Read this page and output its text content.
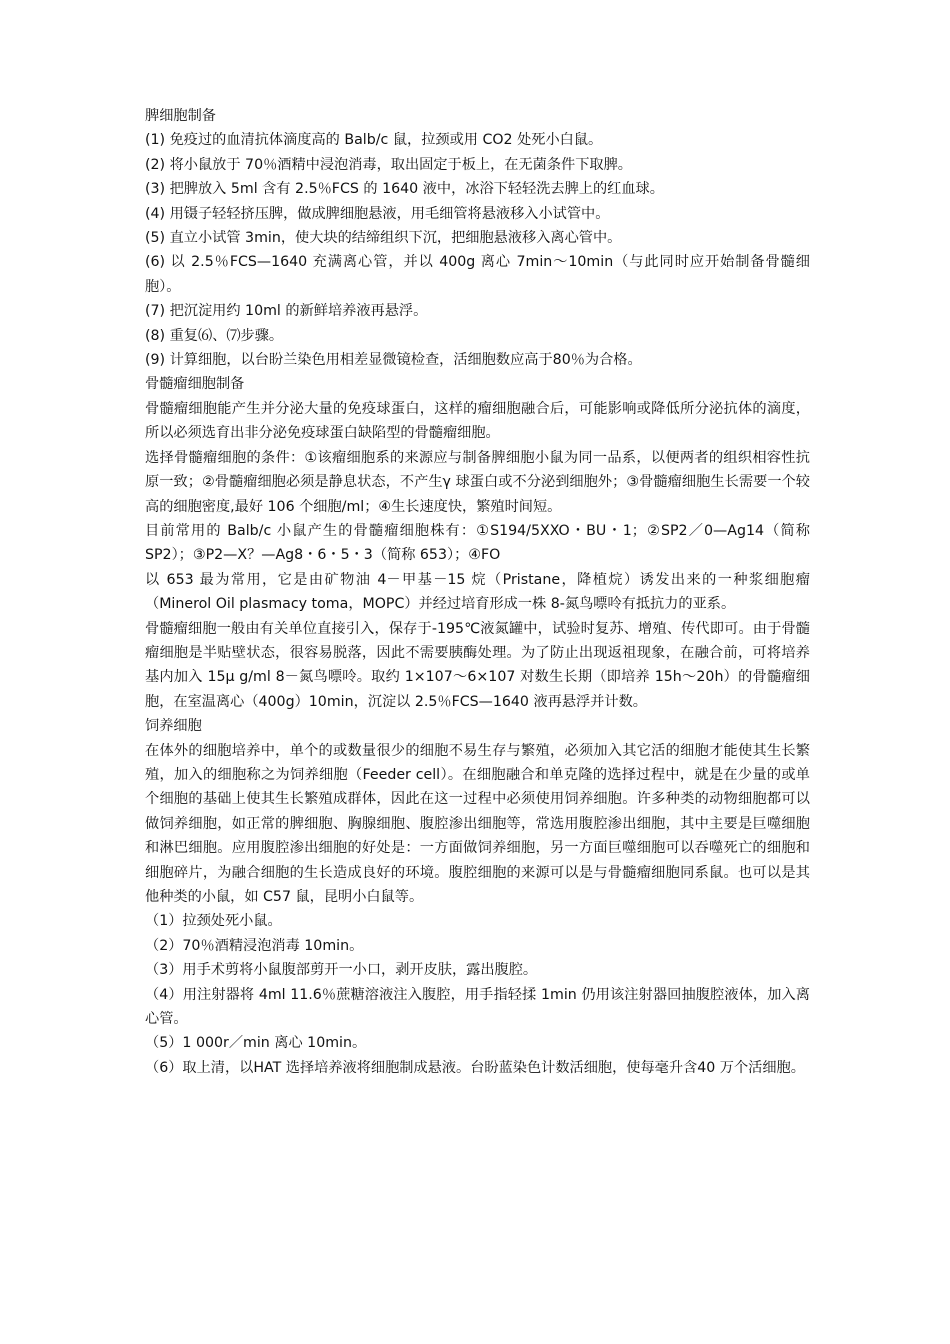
脾细胞制备

(1) 免疫过的血清抗体滴度高的 Balb/c 鼠，拉颈或用 CO2 处死小白鼠。

(2) 将小鼠放于 70％酒精中浸泡消毒，取出固定于板上，在无菌条件下取脾。

(3) 把脾放入 5ml 含有 2.5％FCS 的 1640 液中，冰浴下轻轻洗去脾上的红血球。

(4) 用镊子轻轻挤压脾，做成脾细胞悬液，用毛细管将悬液移入小试管中。

(5) 直立小试管 3min，使大块的结缔组织下沉，把细胞悬液移入离心管中。

(6) 以 2.5％FCS—1640 充满离心管，并以 400g 离心 7min～10min（与此同时应开始制备骨髓细胞）。

(7) 把沉淀用约 10ml 的新鲜培养液再悬浮。

(8) 重复⑹、⑺步骤。

(9) 计算细胞，以台盼兰染色用相差显微镜检查，活细胞数应高于80％为合格。

骨髓瘤细胞制备

骨髓瘤细胞能产生并分泌大量的免疫球蛋白，这样的瘤细胞融合后，可能影响或降低所分泌抗体的滴度，所以必须选育出非分泌免疫球蛋白缺陷型的骨髓瘤细胞。

选择骨髓瘤细胞的条件：①该瘤细胞系的来源应与制备脾细胞小鼠为同一品系，以便两者的组织相容性抗原一致；②骨髓瘤细胞必须是静息状态，不产生γ 球蛋白或不分泌到细胞外；③骨髓瘤细胞生长需要一个较高的细胞密度,最好 106 个细胞/ml；④生长速度快，繁殖时间短。

目前常用的 Balb/c 小鼠产生的骨髓瘤细胞株有：①S194/5XXO・BU・1；②SP2／0—Ag14（简称 SP2）；③P2—X？—Ag8・6・5・3（简称 653）；④FO

以 653 最为常用，它是由矿物油 4－甲基－15 烷（Pristane，降植烷）诱发出来的一种浆细胞瘤（Minerol Oil plasmacy toma，MOPC）并经过培育形成一株 8-氮鸟嘌呤有抵抗力的亚系。

骨髓瘤细胞一般由有关单位直接引入，保存于-195℃液氮罐中，试验时复苏、增殖、传代即可。由于骨髓瘤细胞是半贴壁状态，很容易脱落，因此不需要胰酶处理。为了防止出现返祖现象，在融合前，可将培养基内加入 15μ g/ml 8－氮鸟嘌呤。取约 1×107～6×107 对数生长期（即培养 15h～20h）的骨髓瘤细胞，在室温离心（400g）10min，沉淀以 2.5％FCS—1640 液再悬浮并计数。

饲养细胞

在体外的细胞培养中，单个的或数量很少的细胞不易生存与繁殖，必须加入其它活的细胞才能使其生长繁殖，加入的细胞称之为饲养细胞（Feeder cell）。在细胞融合和单克隆的选择过程中，就是在少量的或单个细胞的基础上使其生长繁殖成群体，因此在这一过程中必须使用饲养细胞。许多种类的动物细胞都可以做饲养细胞，如正常的脾细胞、胸腺细胞、腹腔渗出细胞等，常选用腹腔渗出细胞，其中主要是巨噬细胞和淋巴细胞。应用腹腔渗出细胞的好处是：一方面做饲养细胞，另一方面巨噬细胞可以吞噬死亡的细胞和细胞碎片，为融合细胞的生长造成良好的环境。腹腔细胞的来源可以是与骨髓瘤细胞同系鼠。也可以是其他种类的小鼠，如 C57 鼠，昆明小白鼠等。

（1）拉颈处死小鼠。

（2）70％酒精浸泡消毒 10min。

（3）用手术剪将小鼠腹部剪开一小口，剥开皮肤，露出腹腔。

（4）用注射器将 4ml 11.6％蔗糖溶液注入腹腔，用手指轻揉 1min 仍用该注射器回抽腹腔液体，加入离心管。

（5）1 000r／min 离心 10min。

（6）取上清，以HAT 选择培养液将细胞制成悬液。台盼蓝染色计数活细胞，使每毫升含40 万个活细胞。
